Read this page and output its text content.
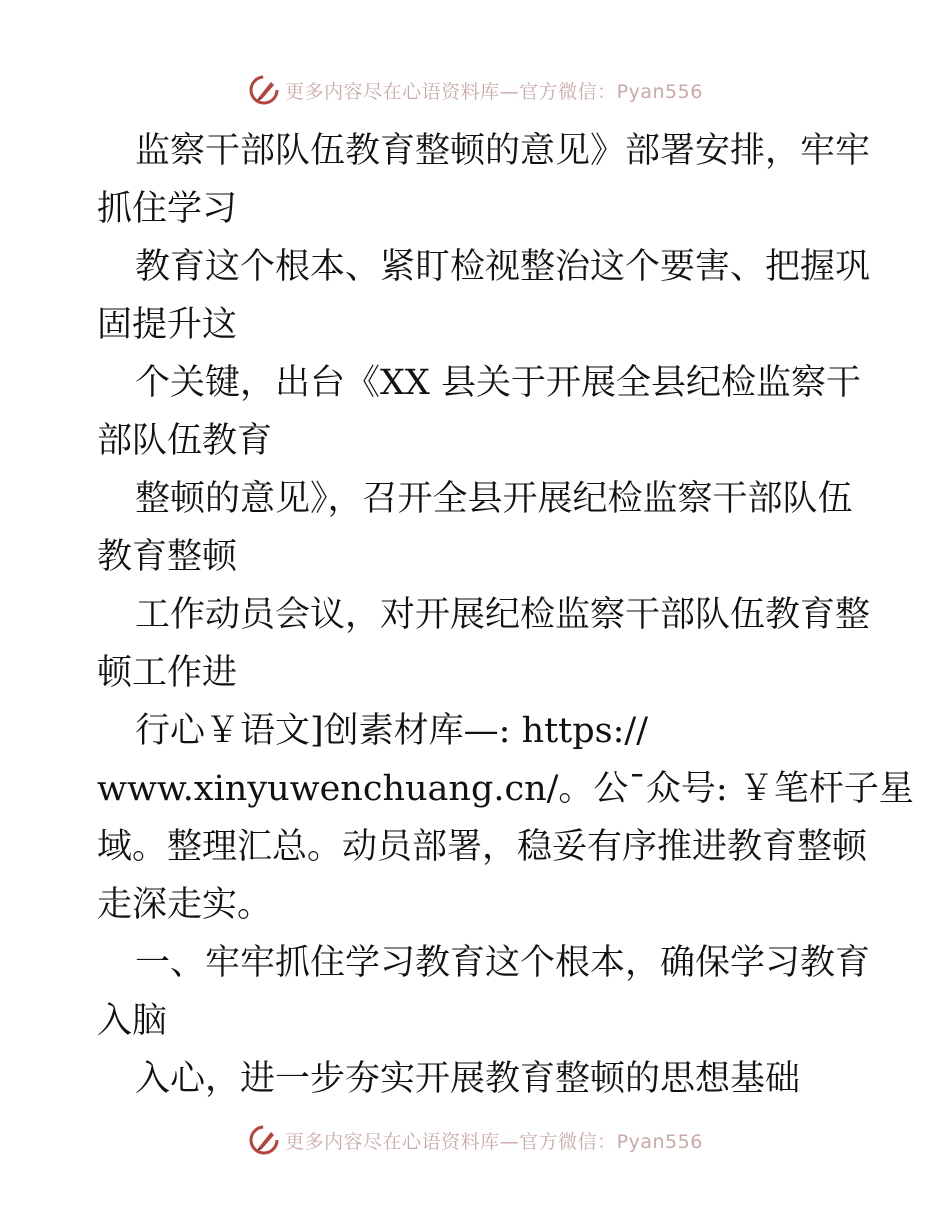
更多内容尽在心语资料库—官方微信：Pyan556
监察干部队伍教育整顿的意见》部署安排，牢牢
抓住学习
教育这个根本、紧盯检视整治这个要害、把握巩
固提升这
个关键，出台《XX 县关于开展全县纪检监察干
部队伍教育
整顿的意见》，召开全县开展纪检监察干部队伍
教育整顿
工作动员会议，对开展纪检监察干部队伍教育整
顿工作进
行心￥语文]创素材库—: https://
www.xinyuwenchuang.cn/。公¯众号: ￥笔杆子星
域。整理汇总。动员部署，稳妥有序推进教育整顿
走深走实。
一、牢牢抓住学习教育这个根本，确保学习教育
入脑
入心，进一步夯实开展教育整顿的思想基础
更多内容尽在心语资料库—官方微信：Pyan556
